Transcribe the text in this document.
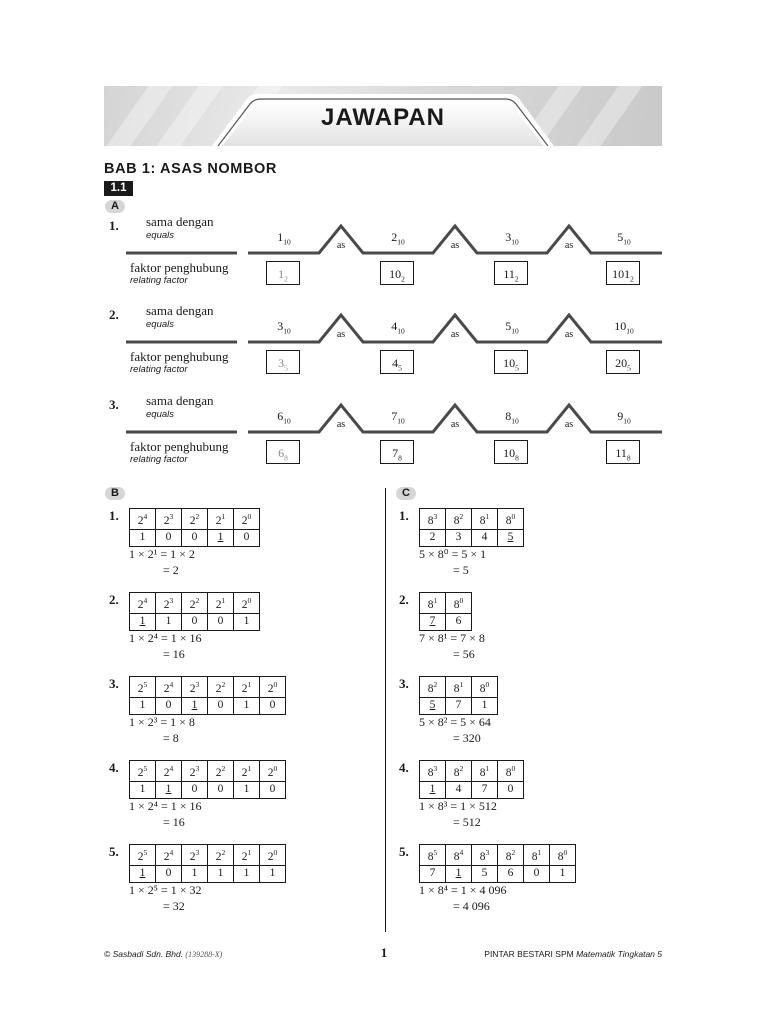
JAWAPAN
BAB 1: ASAS NOMBOR
1.1
A
1. sama dengan
equals
faktor penghubung
relating factor
$1_{10}$	$2_{10}$	$3_{10}$	$5_{10}$
as	as	as
$1_2$	$10_2$	$11_2$	$101_2$
2. sama dengan
equals
faktor penghubung
relating factor
$3_{10}$	$4_{10}$	$5_{10}$	$10_{10}$
as	as	as
$3_5$	$4_5$	$10_5$	$20_5$
3. sama dengan
equals
faktor penghubung
relating factor
$6_{10}$	$7_{10}$	$8_{10}$	$9_{10}$
as	as	as
$6_8$	$7_8$	$10_8$	$11_8$
B
1. $2^4$	$2^3$	$2^2$	$2^1$	$2^0$
1	0	0	1	0
1 × 2¹ = 1 × 2
= 2
2. $2^4$	$2^3$	$2^2$	$2^1$	$2^0$
1	1	0	0	1
1 × 2⁴ = 1 × 16
= 16
3. $2^5$	$2^4$	$2^3$	$2^2$	$2^1$	$2^0$
1	0	1	0	1	0
1 × 2³ = 1 × 8
= 8
4. $2^5$	$2^4$	$2^3$	$2^2$	$2^1$	$2^0$
1	1	0	0	1	0
1 × 2⁴ = 1 × 16
= 16
5. $2^5$	$2^4$	$2^3$	$2^2$	$2^1$	$2^0$
1	0	1	1	1	1
1 × 2⁵ = 1 × 32
= 32
C
1. $8^3$	$8^2$	$8^1$	$8^0$
2	3	4	5
5 × 8⁰ = 5 × 1
= 5
2. $8^1$	$8^0$
7	6
7 × 8¹ = 7 × 8
= 56
3. $8^2$	$8^1$	$8^0$
5	7	1
5 × 8² = 5 × 64
= 320
4. $8^3$	$8^2$	$8^1$	$8^0$
1	4	7	0
1 × 8³ = 1 × 512
= 512
5. $8^5$	$8^4$	$8^3$	$8^2$	$8^1$	$8^0$
7	1	5	6	0	1
1 × 8⁴ = 1 × 4 096
= 4 096
© Sasbadi Sdn. Bhd. (139288-X)	1	PINTAR BESTARI SPM Matematik Tingkatan 5
